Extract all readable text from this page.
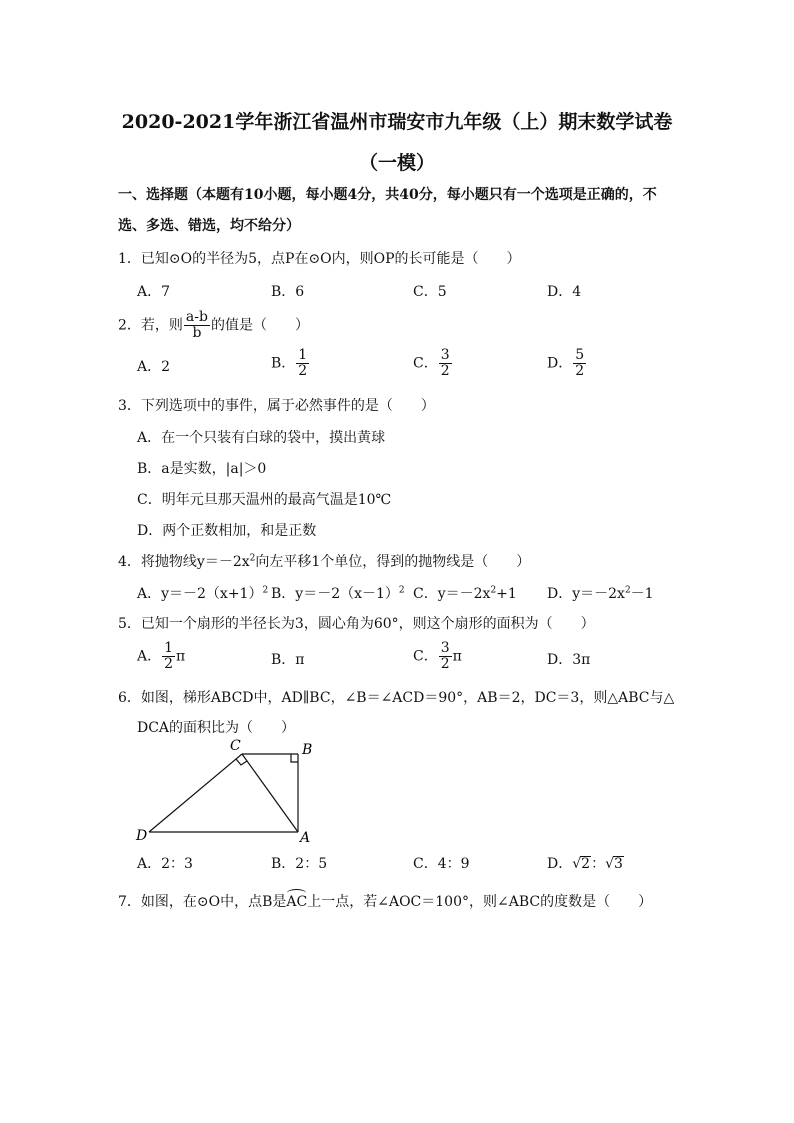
2020-2021学年浙江省温州市瑞安市九年级（上）期末数学试卷
（一模）
一、选择题（本题有10小题，每小题4分，共40分，每小题只有一个选项是正确的，不选、多选、错选，均不给分）
1．已知⊙O的半径为5，点P在⊙O内，则OP的长可能是（　　）
A．7	B．6	C．5	D．4
2．若，则 $\frac{a-b}{b}$ 的值是（　　）
A．2	B． $\frac{1}{2}$	C． $\frac{3}{2}$	D． $\frac{5}{2}$
3．下列选项中的事件，属于必然事件的是（　　）
A．在一个只装有白球的袋中，摸出黄球
B．a是实数，|a|＞0
C．明年元旦那天温州的最高气温是10℃
D．两个正数相加，和是正数
4．将抛物线$y=-2x^2$向左平移1个单位，得到的抛物线是（　　）
A．$y=-2(x+1)^2$ B．$y=-2(x-1)^2$ C．$y=-2x^2+1$ D．$y=-2x^2-1$
5．已知一个扇形的半径长为3，圆心角为60°，则这个扇形的面积为（　　）
A． $\frac{1}{2}$ π	B．π	C． $\frac{3}{2}$ π	D．3π
6．如图，梯形ABCD中，AD∥BC，∠B＝∠ACD＝90°，AB＝2，DC＝3，则△ABC与△
DCA的面积比为（　　）
C	B
D	A
A．2：3	B．2：5	C．4：9	D．√2：√3
7．如图，在⊙O中，点B是AC上一点，若∠AOC＝100°，则∠ABC的度数是（　　）
